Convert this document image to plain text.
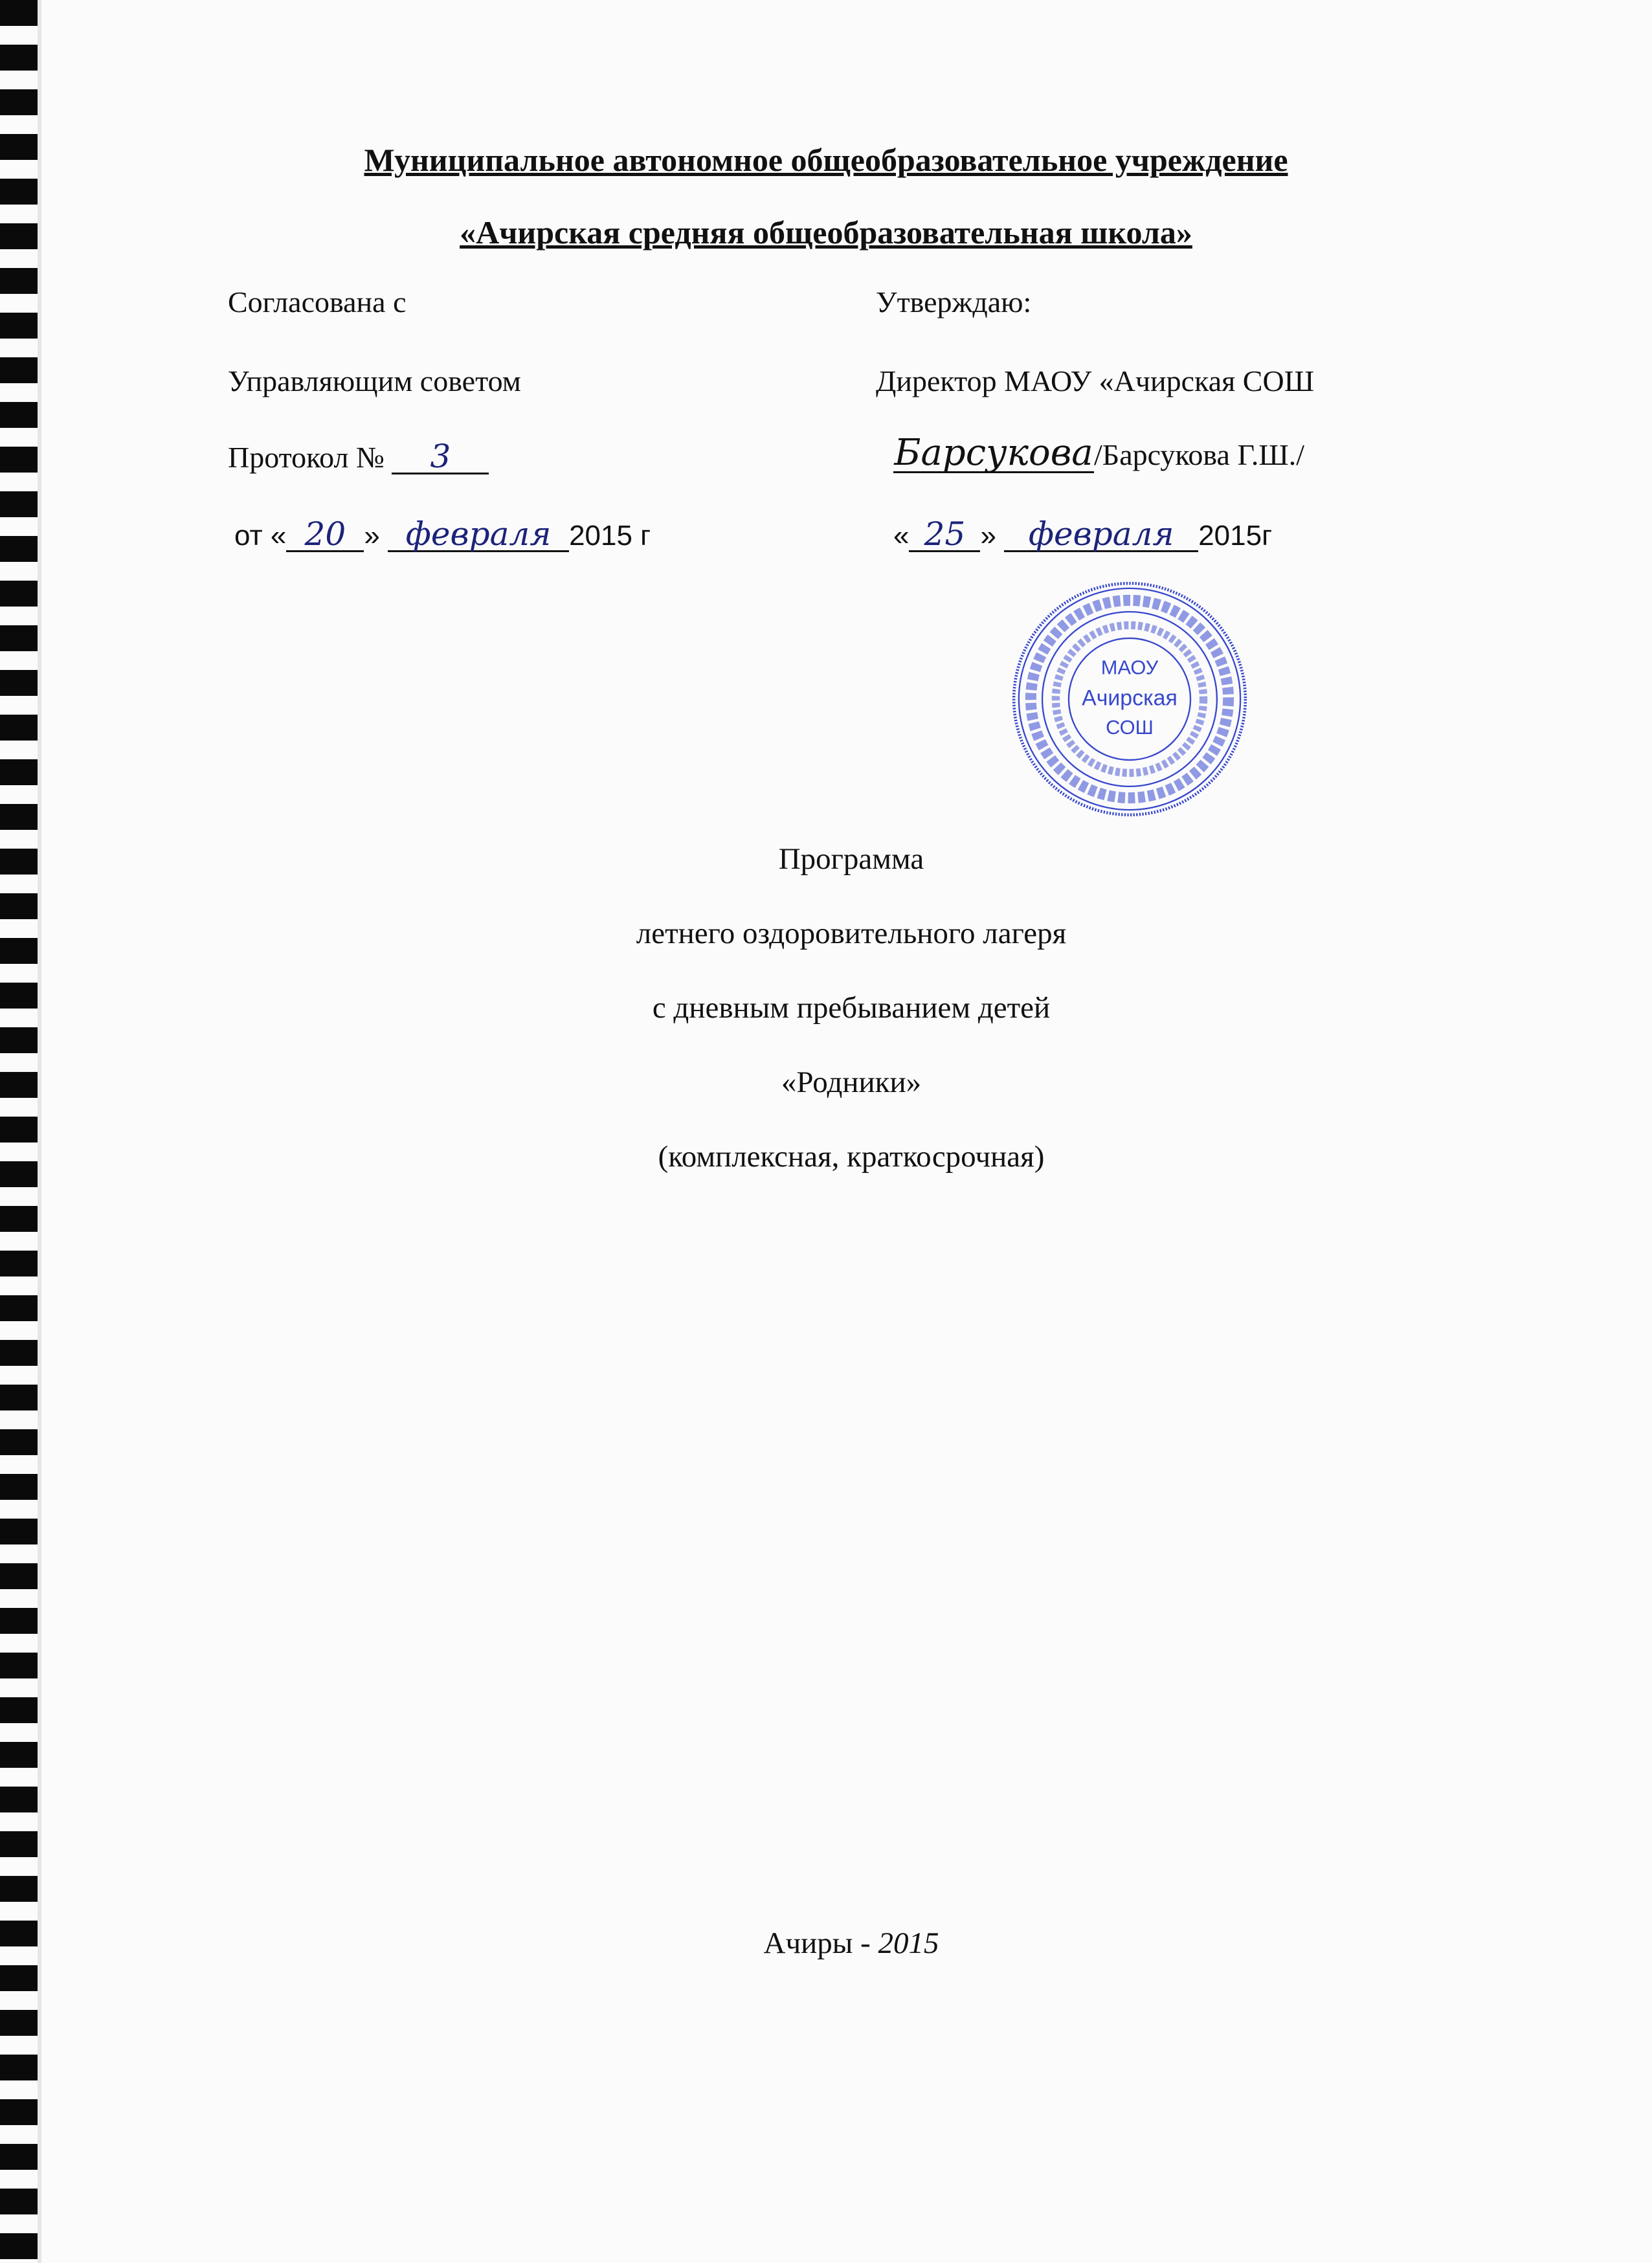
Муниципальное автономное общеобразовательное учреждение
«Ачирская средняя общеобразовательная школа»
Согласована с
Управляющим советом
Протокол № 3
от « 20 » февраля 2015 г
МАОУ
Ачирская
СОШ
Утверждаю:
Директор МАОУ «Ачирская СОШ
Барсукова/Барсукова Г.Ш./
« 25 » февраля 2015г
Программа
летнего оздоровительного лагеря
с дневным пребыванием детей
«Родники»
(комплексная, краткосрочная)
Ачиры - 2015
